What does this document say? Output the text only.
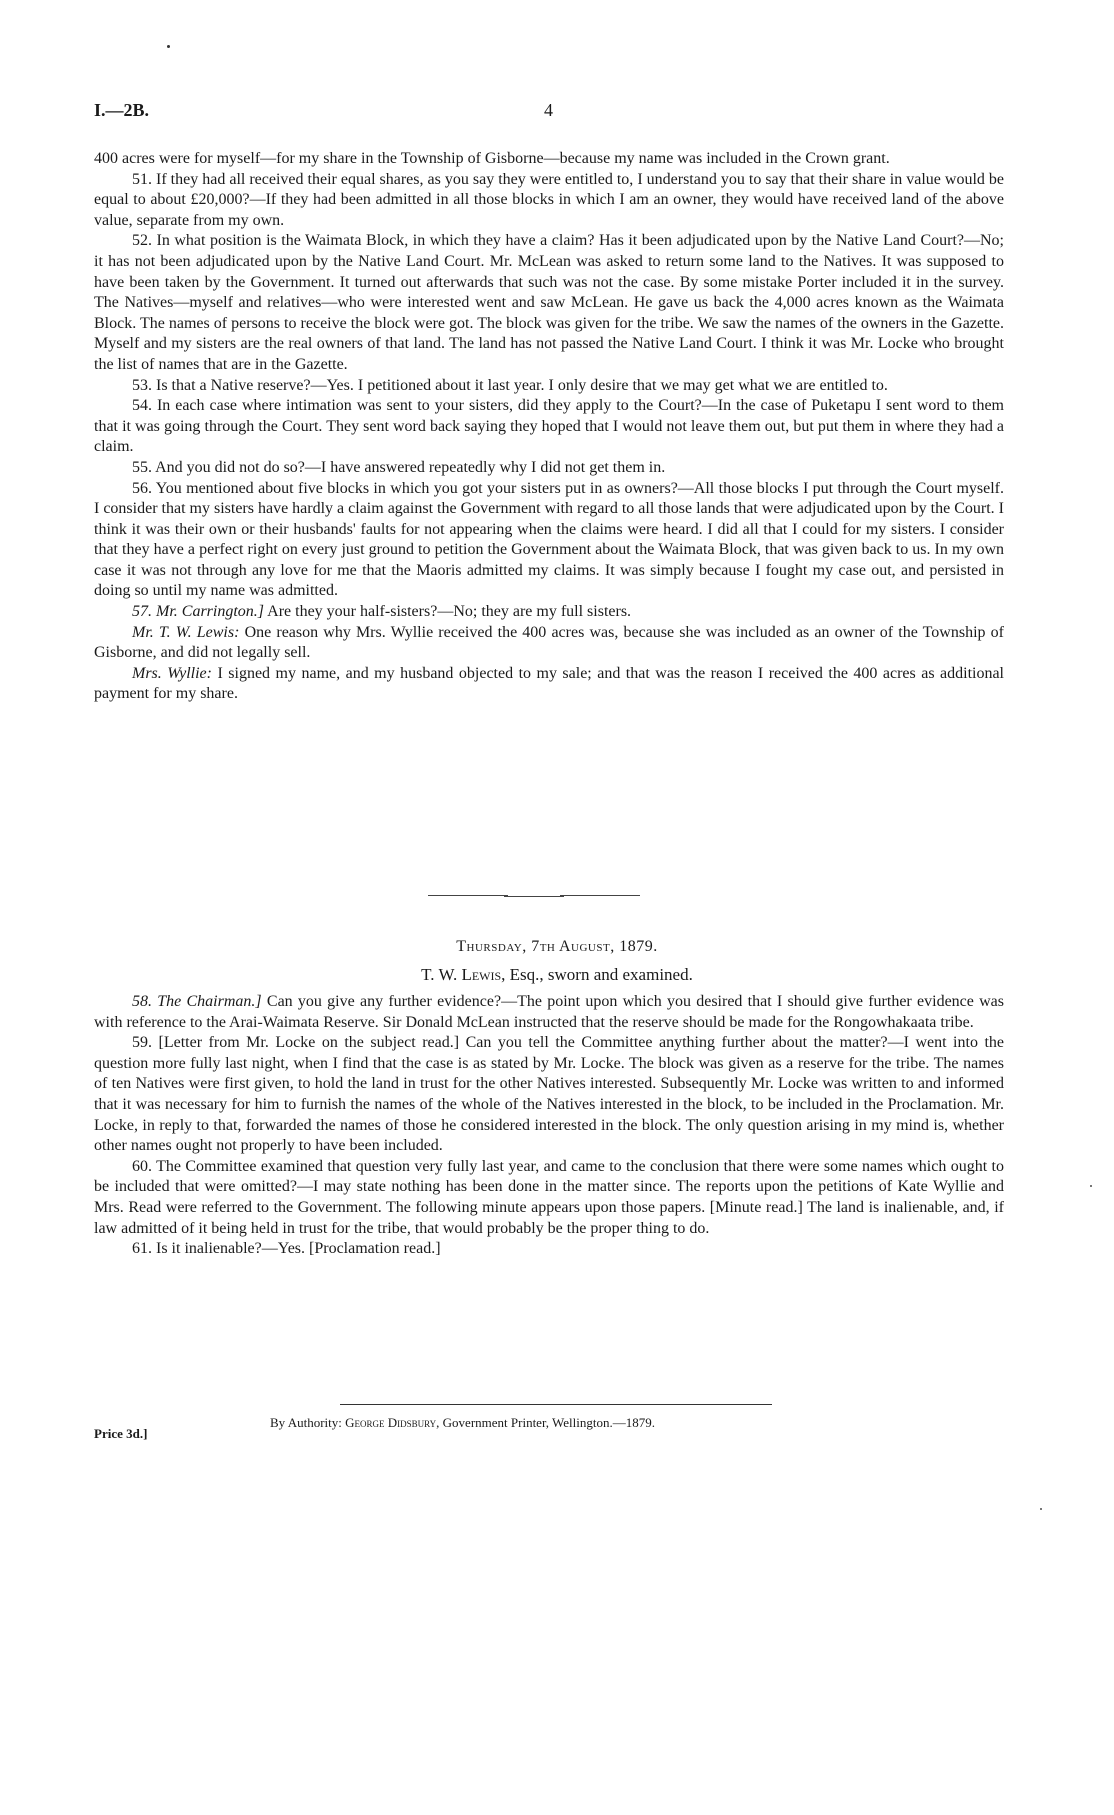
I.—2B.	4

400 acres were for myself—for my share in the Township of Gisborne—because my name was included in the Crown grant.

51. If they had all received their equal shares, as you say they were entitled to, I understand you to say that their share in value would be equal to about £20,000?—If they had been admitted in all those blocks in which I am an owner, they would have received land of the above value, separate from my own.

52. In what position is the Waimata Block, in which they have a claim? Has it been adjudicated upon by the Native Land Court?—No; it has not been adjudicated upon by the Native Land Court. Mr. McLean was asked to return some land to the Natives. It was supposed to have been taken by the Government. It turned out afterwards that such was not the case. By some mistake Porter included it in the survey. The Natives—myself and relatives—who were interested went and saw McLean. He gave us back the 4,000 acres known as the Waimata Block. The names of persons to receive the block were got. The block was given for the tribe. We saw the names of the owners in the Gazette. Myself and my sisters are the real owners of that land. The land has not passed the Native Land Court. I think it was Mr. Locke who brought the list of names that are in the Gazette.

53. Is that a Native reserve?—Yes. I petitioned about it last year. I only desire that we may get what we are entitled to.

54. In each case where intimation was sent to your sisters, did they apply to the Court?—In the case of Puketapu I sent word to them that it was going through the Court. They sent word back saying they hoped that I would not leave them out, but put them in where they had a claim.

55. And you did not do so?—I have answered repeatedly why I did not get them in.

56. You mentioned about five blocks in which you got your sisters put in as owners?—All those blocks I put through the Court myself. I consider that my sisters have hardly a claim against the Government with regard to all those lands that were adjudicated upon by the Court. I think it was their own or their husbands' faults for not appearing when the claims were heard. I did all that I could for my sisters. I consider that they have a perfect right on every just ground to petition the Government about the Waimata Block, that was given back to us. In my own case it was not through any love for me that the Maoris admitted my claims. It was simply because I fought my case out, and persisted in doing so until my name was admitted.

57. Mr. Carrington.] Are they your half-sisters?—No; they are my full sisters.

Mr. T. W. Lewis: One reason why Mrs. Wyllie received the 400 acres was, because she was included as an owner of the Township of Gisborne, and did not legally sell.

Mrs. Wyllie: I signed my name, and my husband objected to my sale; and that was the reason I received the 400 acres as additional payment for my share.

Thursday, 7th August, 1879.
T. W. Lewis, Esq., sworn and examined.

58. The Chairman.] Can you give any further evidence?—The point upon which you desired that I should give further evidence was with reference to the Arai-Waimata Reserve. Sir Donald McLean instructed that the reserve should be made for the Rongowhakaata tribe.

59. [Letter from Mr. Locke on the subject read.] Can you tell the Committee anything further about the matter?—I went into the question more fully last night, when I find that the case is as stated by Mr. Locke. The block was given as a reserve for the tribe. The names of ten Natives were first given, to hold the land in trust for the other Natives interested. Subsequently Mr. Locke was written to and informed that it was necessary for him to furnish the names of the whole of the Natives interested in the block, to be included in the Proclamation. Mr. Locke, in reply to that, forwarded the names of those he considered interested in the block. The only question arising in my mind is, whether other names ought not properly to have been included.

60. The Committee examined that question very fully last year, and came to the conclusion that there were some names which ought to be included that were omitted?—I may state nothing has been done in the matter since. The reports upon the petitions of Kate Wyllie and Mrs. Read were referred to the Government. The following minute appears upon those papers. [Minute read.] The land is inalienable, and, if law admitted of it being held in trust for the tribe, that would probably be the proper thing to do.

61. Is it inalienable?—Yes. [Proclamation read.]

By Authority: George Didsbury, Government Printer, Wellington.—1879.
Price 3d.]
